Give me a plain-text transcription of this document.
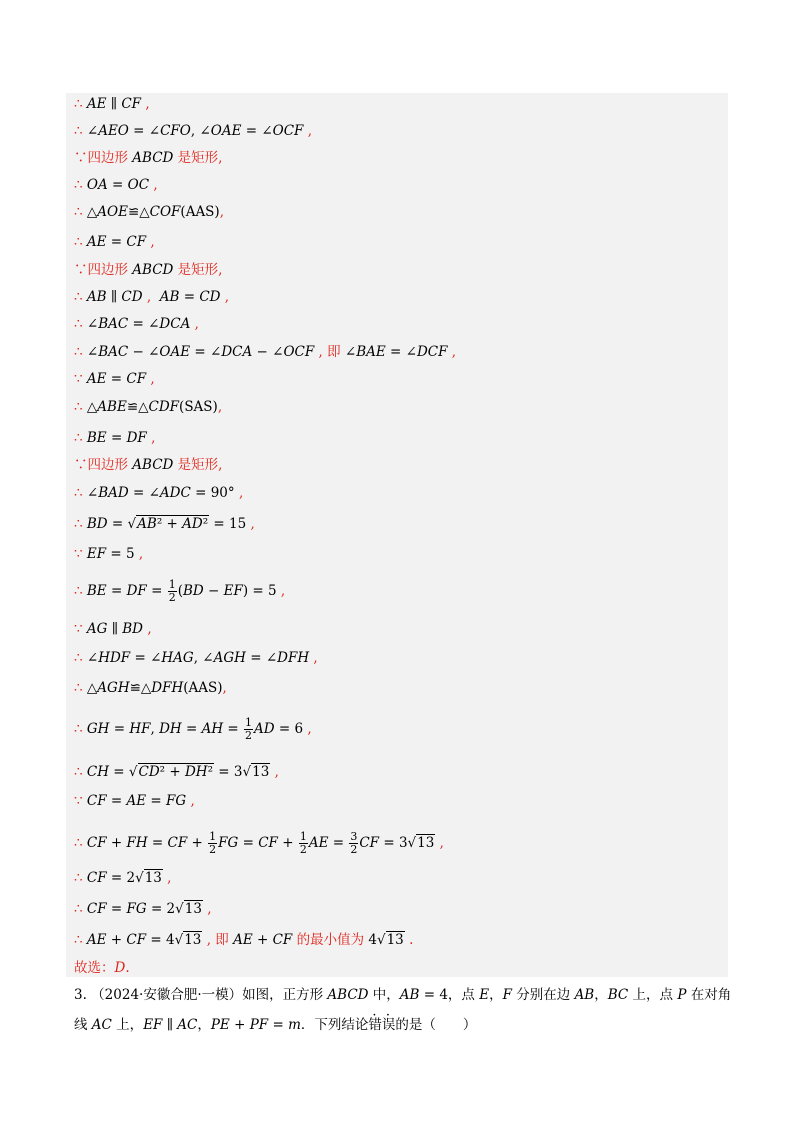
∴ AE ∥ CF ,
∴ ∠AEO = ∠CFO, ∠OAE = ∠OCF ,
∵四边形 ABCD 是矩形,
∴ OA = OC ,
∴ △AOE≌△COF(AAS),
∴ AE = CF ,
∵四边形 ABCD 是矩形,
∴ AB ∥ CD , AB = CD ,
∴ ∠BAC = ∠DCA ,
∴ ∠BAC − ∠OAE = ∠DCA − ∠OCF , 即 ∠BAE = ∠DCF ,
∵ AE = CF ,
∴ △ABE≌△CDF(SAS),
∴ BE = DF ,
∵四边形 ABCD 是矩形,
∴ ∠BAD = ∠ADC = 90° ,
∴ BD = √AB² + AD² = 15 ,
∵ EF = 5 ,
∴ BE = DF = $\frac{1}{2} (BD - EF) = 5$ ,
∵ AG ∥ BD ,
∴ ∠HDF = ∠HAG, ∠AGH = ∠DFH ,
∴ △AGH≌△DFH(AAS),
∴ GH = HF, DH = AH = $\frac{1}{2}$ AD = 6 ,
∴ CH = √CD² + DH² = 3√13 ,
∵ CF = AE = FG ,
∴ CF + FH = CF + $\frac{1}{2}$ FG = CF + $\frac{1}{2}$ AE = $\frac{3}{2}$ CF = 3√13 ,
∴ CF = 2√13 ,
∴ CF = FG = 2√13 ,
∴ AE + CF = 4√13 , 即 AE + CF 的最小值为 4√13 .
故选：D.
3. （2024·安徽合肥·一模）如图，正方形 ABCD 中，AB = 4，点 E，F 分别在边 AB，BC 上，点 P 在对角
线 AC 上，EF ∥ AC，PE + PF = m．下列结论错误的是（　　）
